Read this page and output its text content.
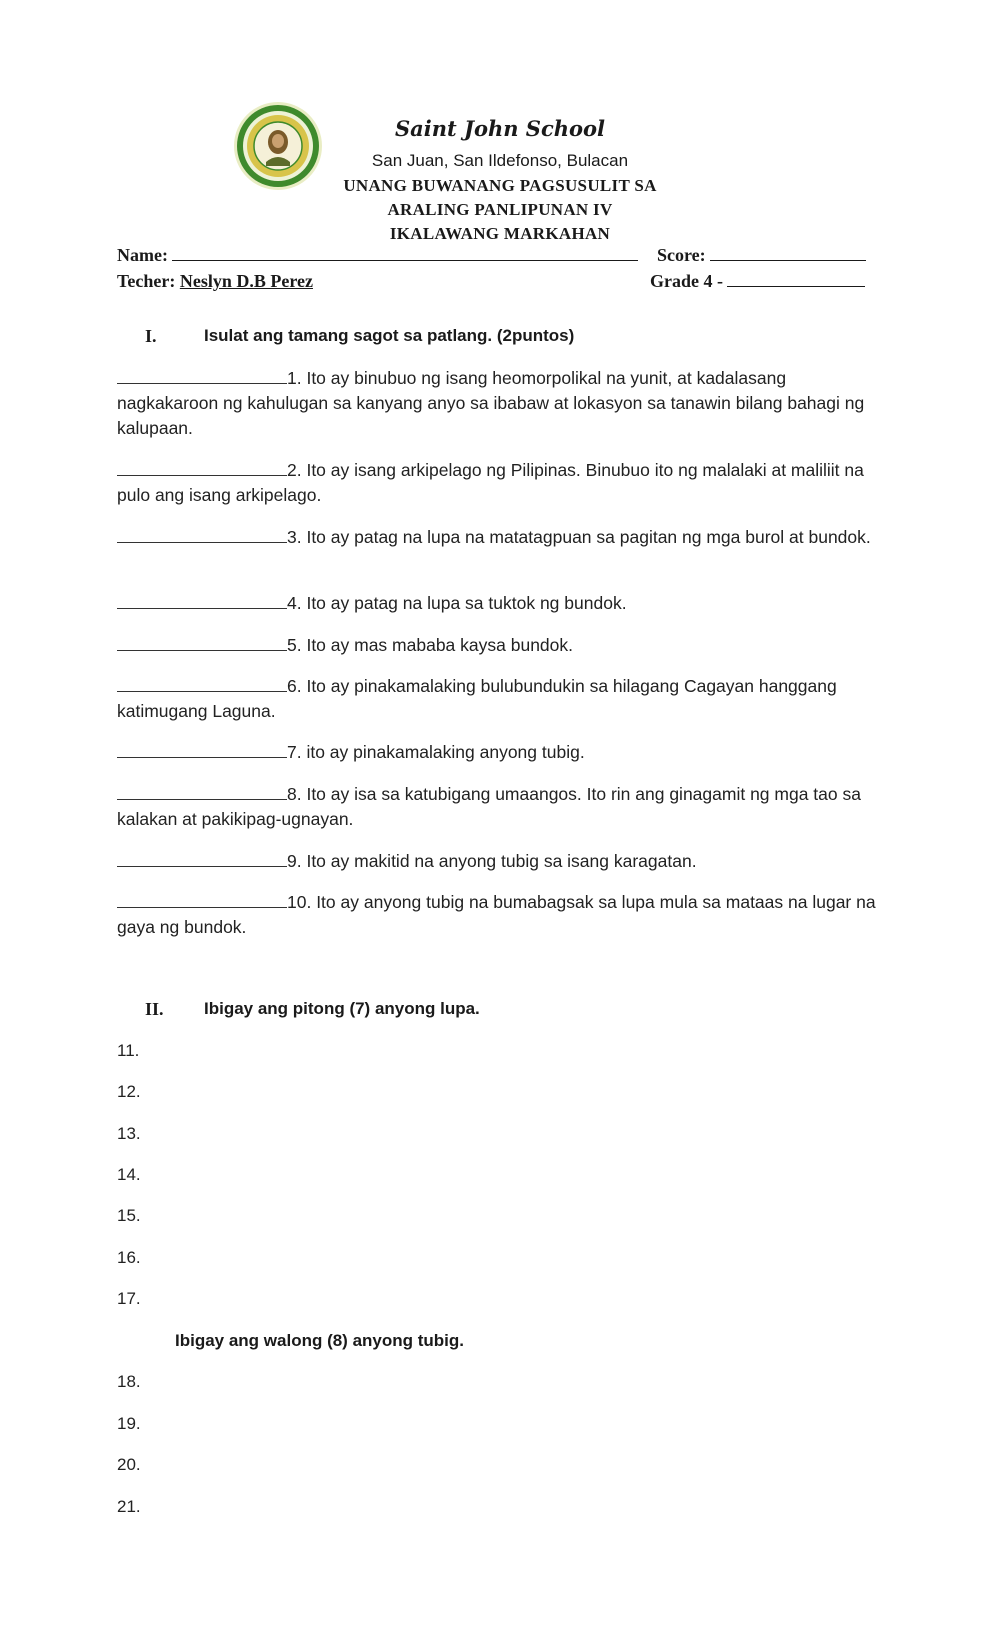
Saint John School
San Juan, San Ildefonso, Bulacan
UNANG BUWANANG PAGSUSULIT SA
ARALING PANLIPUNAN IV
IKALAWANG MARKAHAN
Name:	Score:
Techer: Neslyn D.B Perez	Grade 4 -
I.	Isulat ang tamang sagot sa patlang. (2puntos)
1. Ito ay binubuo ng isang heomorpolikal na yunit, at kadalasang nagkakaroon ng kahulugan sa kanyang anyo sa ibabaw at lokasyon sa tanawin bilang bahagi ng kalupaan.
2. Ito ay isang arkipelago ng Pilipinas. Binubuo ito ng malalaki at maliliit na pulo ang isang arkipelago.
3. Ito ay patag na lupa na matatagpuan sa pagitan ng mga burol at bundok.
4. Ito ay patag na lupa sa tuktok ng bundok.
5. Ito ay mas mababa kaysa bundok.
6. Ito ay pinakamalaking bulubundukin sa hilagang Cagayan hanggang katimugang Laguna.
7. ito ay pinakamalaking anyong tubig.
8. Ito ay isa sa katubigang umaangos. Ito rin ang ginagamit ng mga tao sa kalakan at pakikipag-ugnayan.
9. Ito ay makitid na anyong tubig sa isang karagatan.
10. Ito ay anyong tubig na bumabagsak sa lupa mula sa mataas na lugar na gaya ng bundok.
II. Ibigay ang pitong (7) anyong lupa.
11.
12.
13.
14.
15.
16.
17.
Ibigay ang walong (8) anyong tubig.
18.
19.
20.
21.
